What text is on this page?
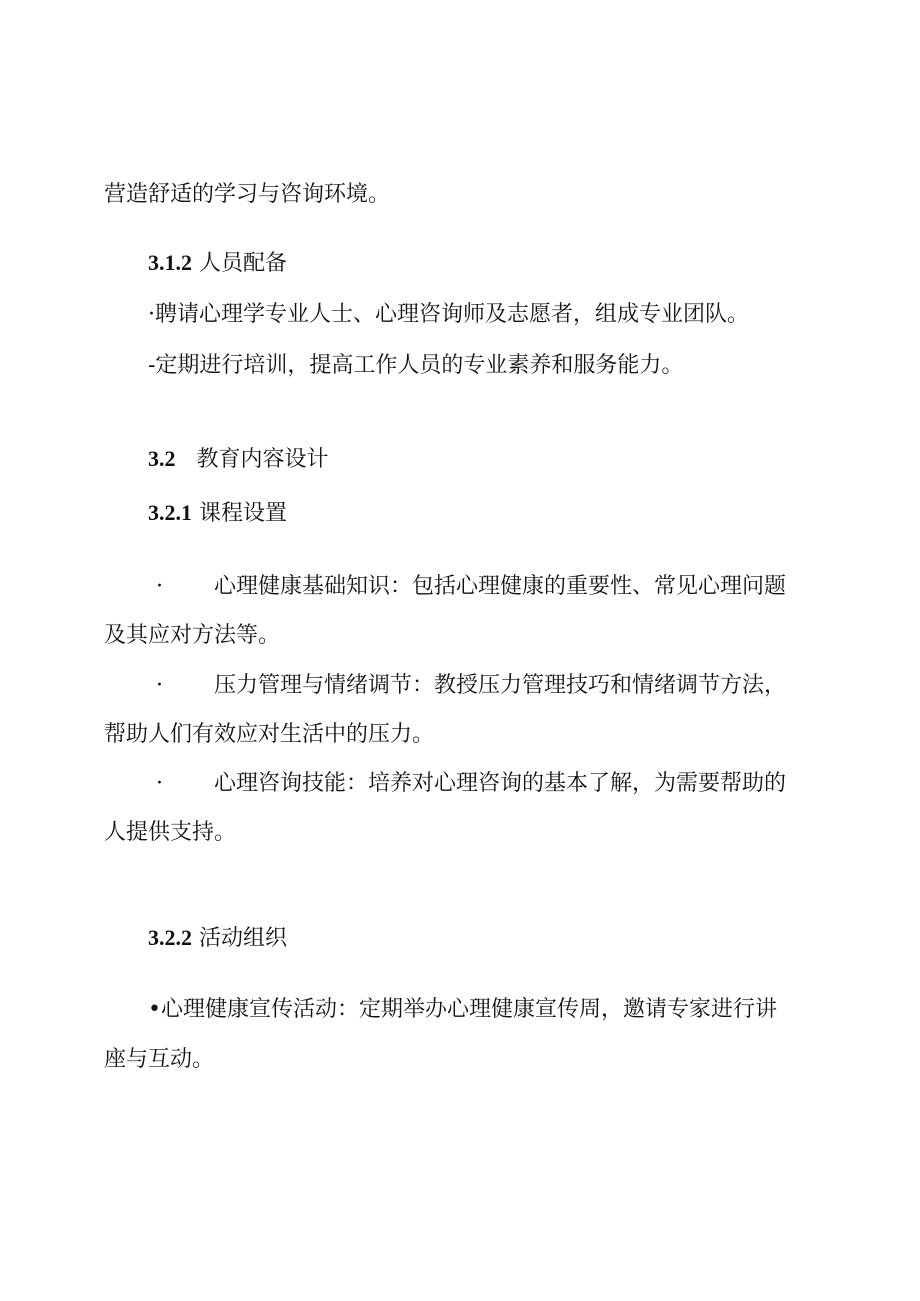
营造舒适的学习与咨询环境。
3.1.2 人员配备
·聘请心理学专业人士、心理咨询师及志愿者，组成专业团队。
-定期进行培训，提高工作人员的专业素养和服务能力。
3.2 教育内容设计
3.2.1 课程设置
· 心理健康基础知识：包括心理健康的重要性、常见心理问题
及其应对方法等。
· 压力管理与情绪调节：教授压力管理技巧和情绪调节方法，
帮助人们有效应对生活中的压力。
· 心理咨询技能：培养对心理咨询的基本了解，为需要帮助的
人提供支持。
3.2.2 活动组织
•心理健康宣传活动：定期举办心理健康宣传周，邀请专家进行讲
座与互动。
